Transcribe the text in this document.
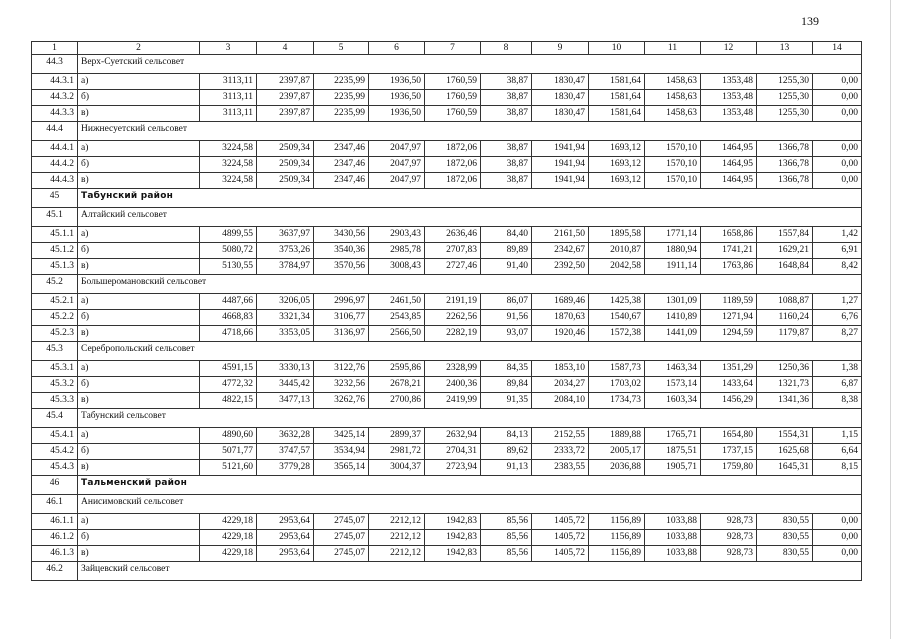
139
1	2	3	4	5	6	7	8	9	10	11	12	13	14
44.3	Верх-Суетский сельсовет												
44.3.1	а)	3113,11	2397,87	2235,99	1936,50	1760,59	38,87	1830,47	1581,64	1458,63	1353,48	1255,30	0,00
44.3.2	б)	3113,11	2397,87	2235,99	1936,50	1760,59	38,87	1830,47	1581,64	1458,63	1353,48	1255,30	0,00
44.3.3	в)	3113,11	2397,87	2235,99	1936,50	1760,59	38,87	1830,47	1581,64	1458,63	1353,48	1255,30	0,00
44.4	Нижнесуетский сельсовет												
44.4.1	а)	3224,58	2509,34	2347,46	2047,97	1872,06	38,87	1941,94	1693,12	1570,10	1464,95	1366,78	0,00
44.4.2	б)	3224,58	2509,34	2347,46	2047,97	1872,06	38,87	1941,94	1693,12	1570,10	1464,95	1366,78	0,00
44.4.3	в)	3224,58	2509,34	2347,46	2047,97	1872,06	38,87	1941,94	1693,12	1570,10	1464,95	1366,78	0,00
45	Табунский район												
45.1	Алтайский сельсовет												
45.1.1	а)	4899,55	3637,97	3430,56	2903,43	2636,46	84,40	2161,50	1895,58	1771,14	1658,86	1557,84	1,42
45.1.2	б)	5080,72	3753,26	3540,36	2985,78	2707,83	89,89	2342,67	2010,87	1880,94	1741,21	1629,21	6,91
45.1.3	в)	5130,55	3784,97	3570,56	3008,43	2727,46	91,40	2392,50	2042,58	1911,14	1763,86	1648,84	8,42
45.2	Большеромановский сельсовет												
45.2.1	а)	4487,66	3206,05	2996,97	2461,50	2191,19	86,07	1689,46	1425,38	1301,09	1189,59	1088,87	1,27
45.2.2	б)	4668,83	3321,34	3106,77	2543,85	2262,56	91,56	1870,63	1540,67	1410,89	1271,94	1160,24	6,76
45.2.3	в)	4718,66	3353,05	3136,97	2566,50	2282,19	93,07	1920,46	1572,38	1441,09	1294,59	1179,87	8,27
45.3	Серебропольский сельсовет												
45.3.1	а)	4591,15	3330,13	3122,76	2595,86	2328,99	84,35	1853,10	1587,73	1463,34	1351,29	1250,36	1,38
45.3.2	б)	4772,32	3445,42	3232,56	2678,21	2400,36	89,84	2034,27	1703,02	1573,14	1433,64	1321,73	6,87
45.3.3	в)	4822,15	3477,13	3262,76	2700,86	2419,99	91,35	2084,10	1734,73	1603,34	1456,29	1341,36	8,38
45.4	Табунский сельсовет												
45.4.1	а)	4890,60	3632,28	3425,14	2899,37	2632,94	84,13	2152,55	1889,88	1765,71	1654,80	1554,31	1,15
45.4.2	б)	5071,77	3747,57	3534,94	2981,72	2704,31	89,62	2333,72	2005,17	1875,51	1737,15	1625,68	6,64
45.4.3	в)	5121,60	3779,28	3565,14	3004,37	2723,94	91,13	2383,55	2036,88	1905,71	1759,80	1645,31	8,15
46	Тальменский район												
46.1	Анисимовский сельсовет												
46.1.1	а)	4229,18	2953,64	2745,07	2212,12	1942,83	85,56	1405,72	1156,89	1033,88	928,73	830,55	0,00
46.1.2	б)	4229,18	2953,64	2745,07	2212,12	1942,83	85,56	1405,72	1156,89	1033,88	928,73	830,55	0,00
46.1.3	в)	4229,18	2953,64	2745,07	2212,12	1942,83	85,56	1405,72	1156,89	1033,88	928,73	830,55	0,00
46.2	Зайцевский сельсовет												
